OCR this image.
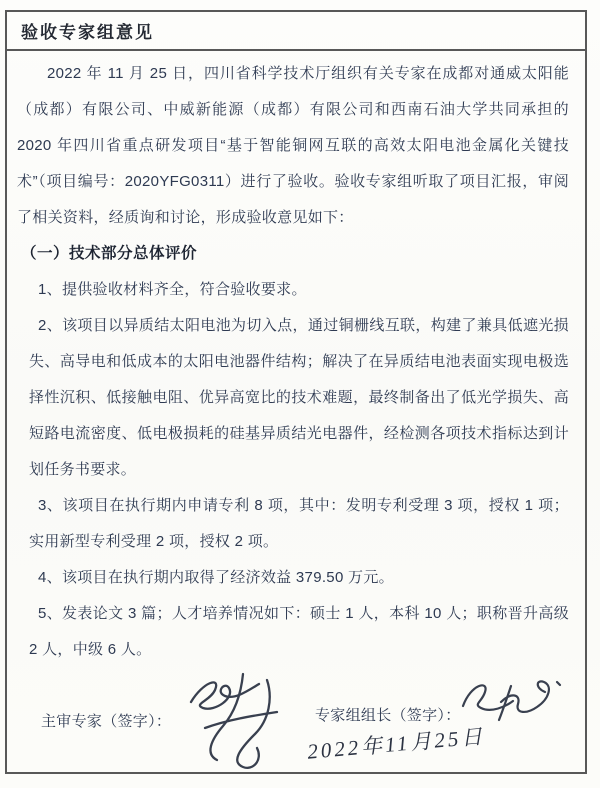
验收专家组意见

2022 年 11 月 25 日，四川省科学技术厅组织有关专家在成都对通威太阳能（成都）有限公司、中威新能源（成都）有限公司和西南石油大学共同承担的 2020 年四川省重点研发项目“基于智能铜网互联的高效太阳电池金属化关键技术”（项目编号：2020YFG0311）进行了验收。验收专家组听取了项目汇报，审阅了相关资料，经质询和讨论，形成验收意见如下：

（一）技术部分总体评价

1、提供验收材料齐全，符合验收要求。

2、该项目以异质结太阳电池为切入点，通过铜栅线互联，构建了兼具低遮光损失、高导电和低成本的太阳电池器件结构；解决了在异质结电池表面实现电极选择性沉积、低接触电阻、优异高宽比的技术难题，最终制备出了低光学损失、高短路电流密度、低电极损耗的硅基异质结光电器件，经检测各项技术指标达到计划任务书要求。

3、该项目在执行期内申请专利 8 项，其中：发明专利受理 3 项，授权 1 项；实用新型专利受理 2 项，授权 2 项。

4、该项目在执行期内取得了经济效益 379.50 万元。

5、发表论文 3 篇；人才培养情况如下：硕士 1 人，本科 10 人；职称晋升高级 2 人，中级 6 人。

主审专家（签字）：	专家组组长（签字）：
2022年11月25日
